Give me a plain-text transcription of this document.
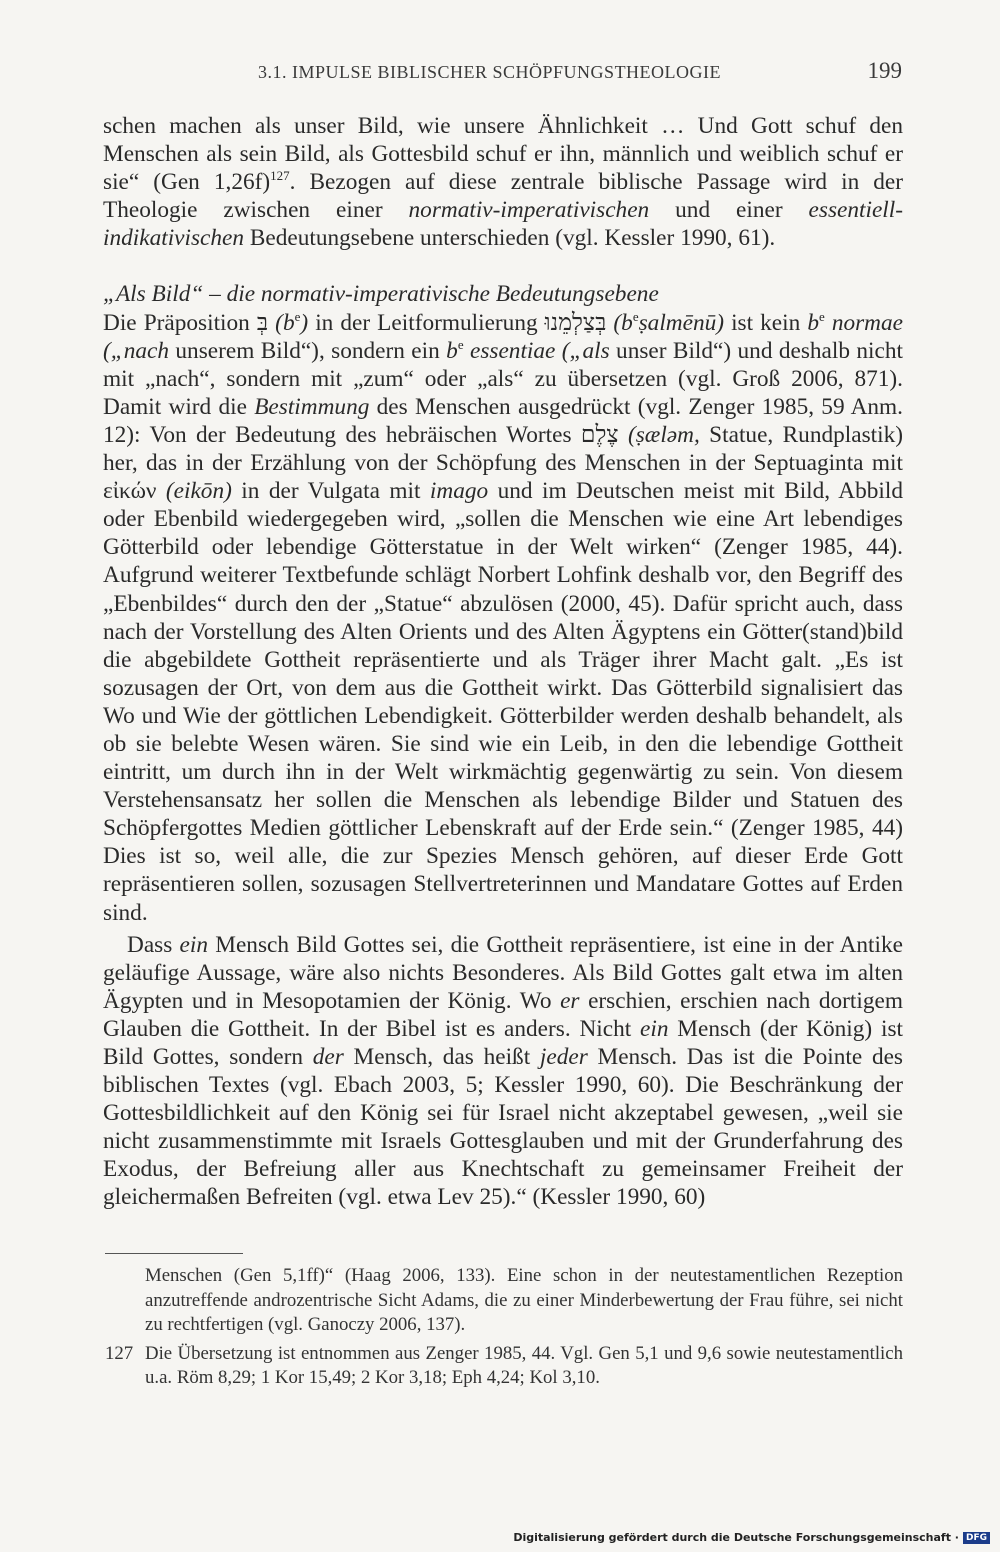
3.1. IMPULSE BIBLISCHER SCHÖPFUNGSTHEOLOGIE	199

schen machen als unser Bild, wie unsere Ähnlichkeit … Und Gott schuf den Menschen als sein Bild, als Gottesbild schuf er ihn, männlich und weiblich schuf er sie“ (Gen 1,26f)$^{127}$. Bezogen auf diese zentrale biblische Passage wird in der Theologie zwischen einer normativ-imperativischen und einer essentiell-indikativischen Bedeutungsebene unterschieden (vgl. Kessler 1990, 61).

„Als Bild“ – die normativ-imperativische Bedeutungsebene

Die Präposition בְּ $(b^e)$ in der Leitformulierung בְּצַלְמֵנוּ $(b^eṣalmēnū)$ ist kein $b^e$ normae („nach unserem Bild“), sondern ein $b^e$ essentiae („als unser Bild“) und deshalb nicht mit „nach“, sondern mit „zum“ oder „als“ zu übersetzen (vgl. Groß 2006, 871). Damit wird die Bestimmung des Menschen ausgedrückt (vgl. Zenger 1985, 59 Anm. 12): Von der Bedeutung des hebräischen Wortes צֶלֶם (ṣæləm, Statue, Rundplastik) her, das in der Erzählung von der Schöpfung des Menschen in der Septuaginta mit εἰκών (eikōn) in der Vulgata mit imago und im Deutschen meist mit Bild, Abbild oder Ebenbild wiedergegeben wird, „sollen die Menschen wie eine Art lebendiges Götterbild oder lebendige Götterstatue in der Welt wirken“ (Zenger 1985, 44). Aufgrund weiterer Textbefunde schlägt Norbert Lohfink deshalb vor, den Begriff des „Ebenbildes“ durch den der „Statue“ abzulösen (2000, 45). Dafür spricht auch, dass nach der Vorstellung des Alten Orients und des Alten Ägyptens ein Götter(stand)bild die abgebildete Gottheit repräsentierte und als Träger ihrer Macht galt. „Es ist sozusagen der Ort, von dem aus die Gottheit wirkt. Das Götterbild signalisiert das Wo und Wie der göttlichen Lebendigkeit. Götterbilder werden deshalb behandelt, als ob sie belebte Wesen wären. Sie sind wie ein Leib, in den die lebendige Gottheit eintritt, um durch ihn in der Welt wirkmächtig gegenwärtig zu sein. Von diesem Verstehensansatz her sollen die Menschen als lebendige Bilder und Statuen des Schöpfergottes Medien göttlicher Lebenskraft auf der Erde sein.“ (Zenger 1985, 44) Dies ist so, weil alle, die zur Spezies Mensch gehören, auf dieser Erde Gott repräsentieren sollen, sozusagen Stellvertreterinnen und Mandatare Gottes auf Erden sind.

Dass ein Mensch Bild Gottes sei, die Gottheit repräsentiere, ist eine in der Antike geläufige Aussage, wäre also nichts Besonderes. Als Bild Gottes galt etwa im alten Ägypten und in Mesopotamien der König. Wo er erschien, erschien nach dortigem Glauben die Gottheit. In der Bibel ist es anders. Nicht ein Mensch (der König) ist Bild Gottes, sondern der Mensch, das heißt jeder Mensch. Das ist die Pointe des biblischen Textes (vgl. Ebach 2003, 5; Kessler 1990, 60). Die Beschränkung der Gottesbildlichkeit auf den König sei für Israel nicht akzeptabel gewesen, „weil sie nicht zusammenstimmte mit Israels Gottesglauben und mit der Grunderfahrung des Exodus, der Befreiung aller aus Knechtschaft zu gemeinsamer Freiheit der gleichermaßen Befreiten (vgl. etwa Lev 25).“ (Kessler 1990, 60)

Menschen (Gen 5,1ff)“ (Haag 2006, 133). Eine schon in der neutestamentlichen Rezeption anzutreffende androzentrische Sicht Adams, die zu einer Minderbewertung der Frau führe, sei nicht zu rechtfertigen (vgl. Ganoczy 2006, 137).

127 Die Übersetzung ist entnommen aus Zenger 1985, 44. Vgl. Gen 5,1 und 9,6 sowie neutestamentlich u.a. Röm 8,29; 1 Kor 15,49; 2 Kor 3,18; Eph 4,24; Kol 3,10.
Digitalisierung gefördert durch die Deutsche Forschungsgemeinschaft · DFG
